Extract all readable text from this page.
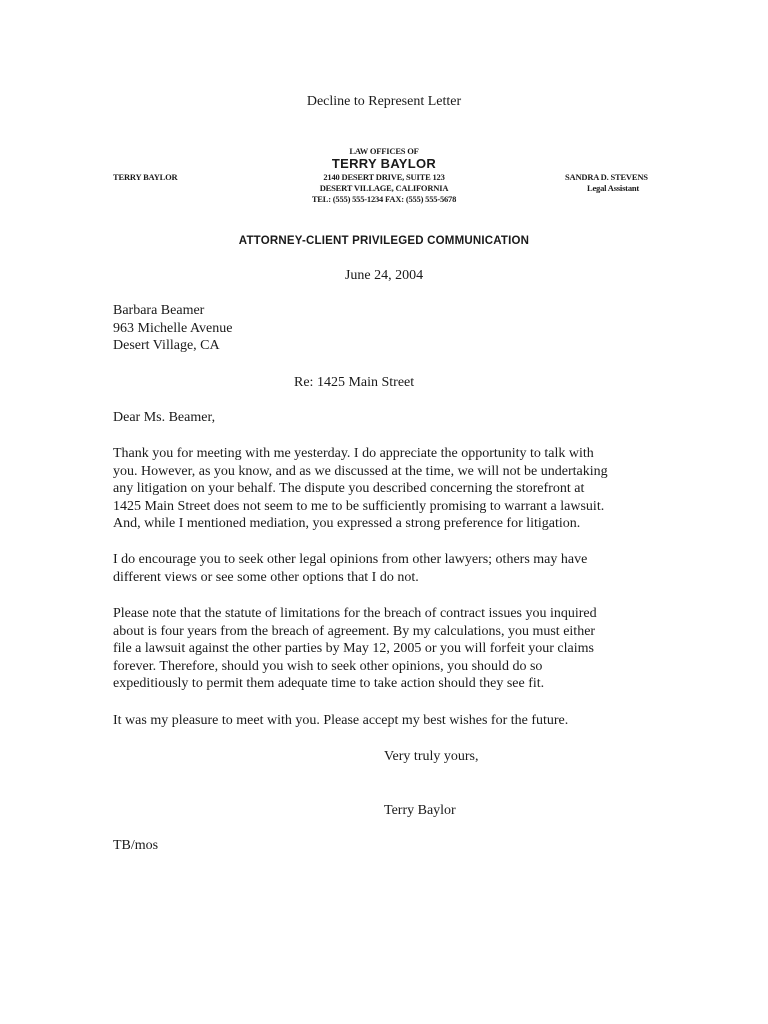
Decline to Represent Letter
LAW OFFICES OF
TERRY BAYLOR
2140 DESERT DRIVE, SUITE 123
DESERT VILLAGE, CALIFORNIA
TEL: (555) 555-1234 FAX: (555) 555-5678
TERRY BAYLOR	SANDRA D. STEVENS
Legal Assistant
ATTORNEY-CLIENT PRIVILEGED COMMUNICATION
June 24, 2004
Barbara Beamer
963 Michelle Avenue
Desert Village, CA
Re: 1425 Main Street
Dear Ms. Beamer,
Thank you for meeting with me yesterday. I do appreciate the opportunity to talk with
you. However, as you know, and as we discussed at the time, we will not be undertaking
any litigation on your behalf. The dispute you described concerning the storefront at
1425 Main Street does not seem to me to be sufficiently promising to warrant a lawsuit.
And, while I mentioned mediation, you expressed a strong preference for litigation.
I do encourage you to seek other legal opinions from other lawyers; others may have
different views or see some other options that I do not.
Please note that the statute of limitations for the breach of contract issues you inquired
about is four years from the breach of agreement. By my calculations, you must either
file a lawsuit against the other parties by May 12, 2005 or you will forfeit your claims
forever. Therefore, should you wish to seek other opinions, you should do so
expeditiously to permit them adequate time to take action should they see fit.
It was my pleasure to meet with you. Please accept my best wishes for the future.
Very truly yours,
Terry Baylor
TB/mos
